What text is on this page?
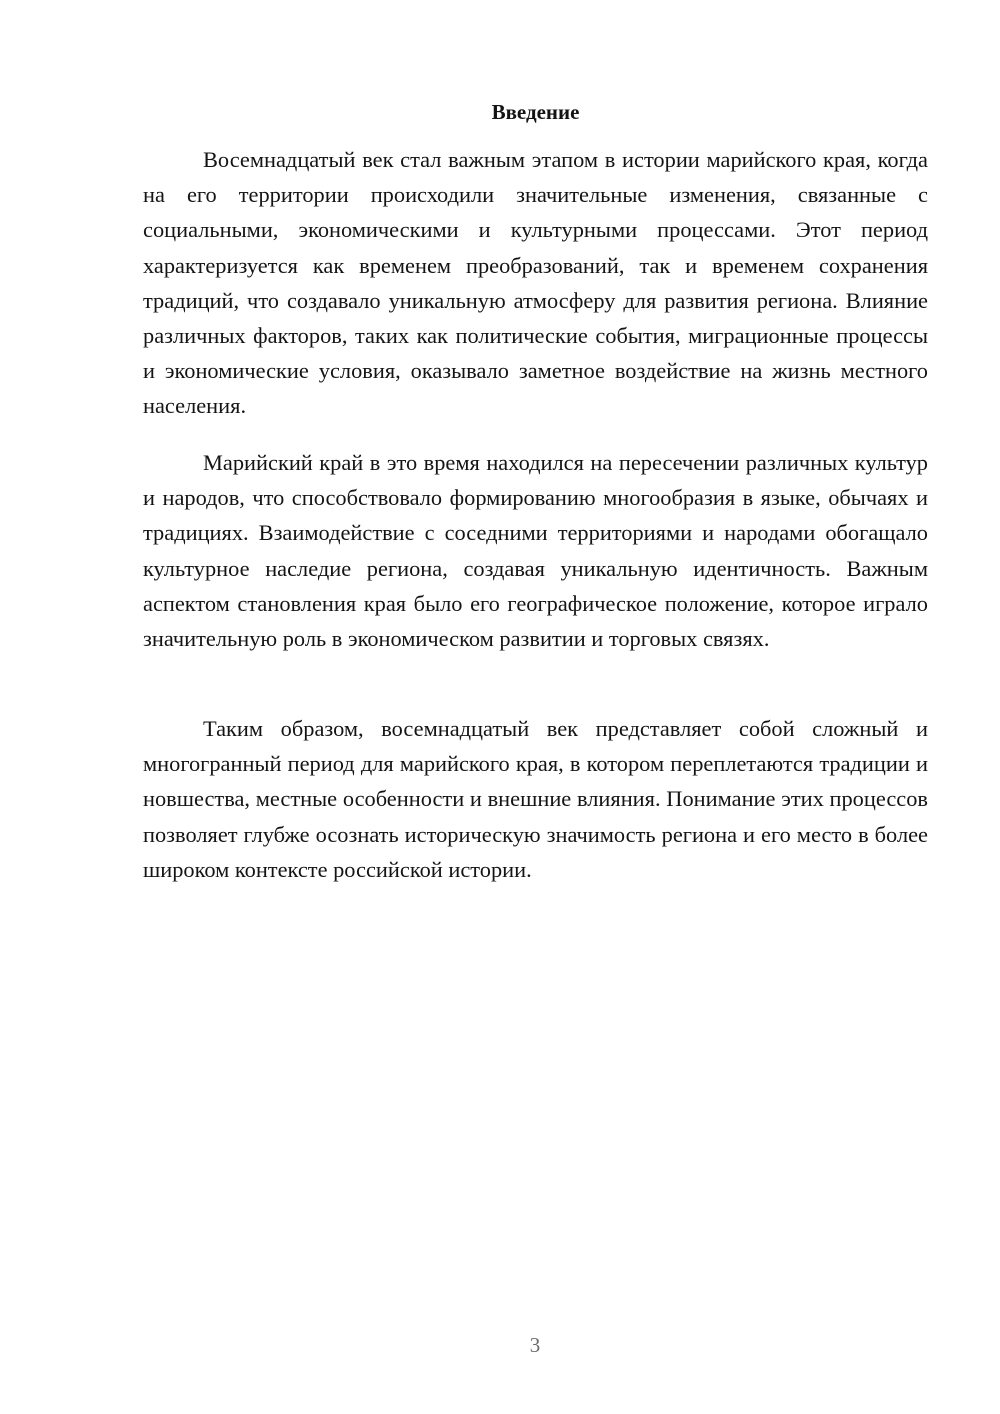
Введение

Восемнадцатый век стал важным этапом в истории марийского края, когда на его территории происходили значительные изменения, связанные с социальными, экономическими и культурными процессами. Этот период характеризуется как временем преобразований, так и временем сохранения традиций, что создавало уникальную атмосферу для развития региона. Влияние различных факторов, таких как политические события, миграционные процессы и экономические условия, оказывало заметное воздействие на жизнь местного населения.

Марийский край в это время находился на пересечении различных культур и народов, что способствовало формированию многообразия в языке, обычаях и традициях. Взаимодействие с соседними территориями и народами обогащало культурное наследие региона, создавая уникальную идентичность. Важным аспектом становления края было его географическое положение, которое играло значительную роль в экономическом развитии и торговых связях.

Таким образом, восемнадцатый век представляет собой сложный и многогранный период для марийского края, в котором переплетаются традиции и новшества, местные особенности и внешние влияния. Понимание этих процессов позволяет глубже осознать историческую значимость региона и его место в более широком контексте российской истории.

3
